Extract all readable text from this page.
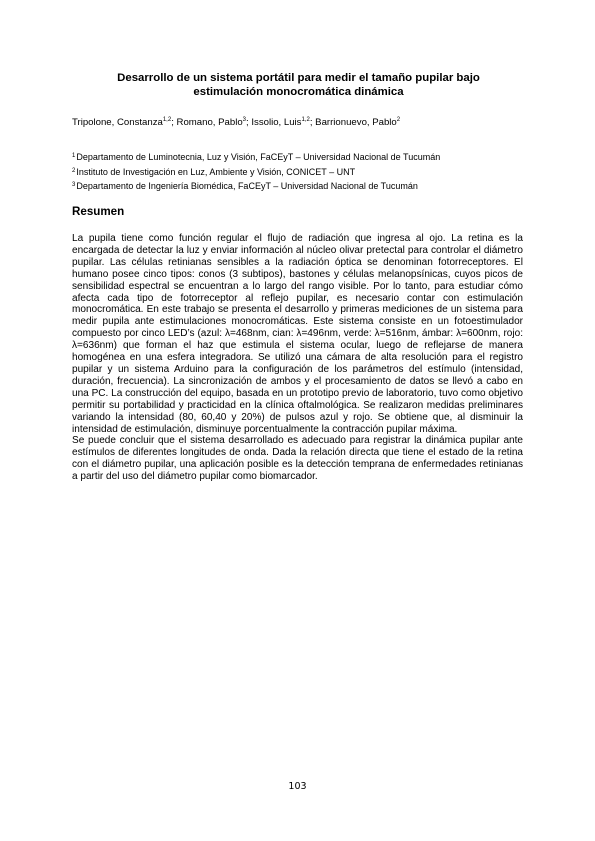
Desarrollo de un sistema portátil para medir el tamaño pupilar bajo
estimulación monocromática dinámica
Tripolone, Constanza$^{1,2}$; Romano, Pablo$^3$; Issolio, Luis$^{1,2}$; Barrionuevo, Pablo$^2$
$^1$Departamento de Luminotecnia, Luz y Visión, FaCEyT – Universidad Nacional de Tucumán
$^2$Instituto de Investigación en Luz, Ambiente y Visión, CONICET – UNT
$^3$Departamento de Ingeniería Biomédica, FaCEyT – Universidad Nacional de Tucumán
Resumen

La pupila tiene como función regular el flujo de radiación que ingresa al ojo. La retina es la encargada de detectar la luz y enviar información al núcleo olivar pretectal para controlar el diámetro pupilar. Las células retinianas sensibles a la radiación óptica se denominan fotorreceptores. El humano posee cinco tipos: conos (3 subtipos), bastones y células melanopsínicas, cuyos picos de sensibilidad espectral se encuentran a lo largo del rango visible. Por lo tanto, para estudiar cómo afecta cada tipo de fotorreceptor al reflejo pupilar, es necesario contar con estimulación monocromática. En este trabajo se presenta el desarrollo y primeras mediciones de un sistema para medir pupila ante estimulaciones monocromáticas. Este sistema consiste en un fotoestimulador compuesto por cinco LED’s (azul: λ=468nm, cian: λ=496nm, verde: λ=516nm, ámbar: λ=600nm, rojo: λ=636nm) que forman el haz que estimula el sistema ocular, luego de reflejarse de manera homogénea en una esfera integradora. Se utilizó una cámara de alta resolución para el registro pupilar y un sistema Arduino para la configuración de los parámetros del estímulo (intensidad, duración, frecuencia). La sincronización de ambos y el procesamiento de datos se llevó a cabo en una PC. La construcción del equipo, basada en un prototipo previo de laboratorio, tuvo como objetivo permitir su portabilidad y practicidad en la clínica oftalmológica. Se realizaron medidas preliminares variando la intensidad (80, 60,40 y 20%) de pulsos azul y rojo. Se obtiene que, al disminuir la intensidad de estimulación, disminuye porcentualmente la contracción pupilar máxima.

Se puede concluir que el sistema desarrollado es adecuado para registrar la dinámica pupilar ante estímulos de diferentes longitudes de onda. Dada la relación directa que tiene el estado de la retina con el diámetro pupilar, una aplicación posible es la detección temprana de enfermedades retinianas a partir del uso del diámetro pupilar como biomarcador.

103
